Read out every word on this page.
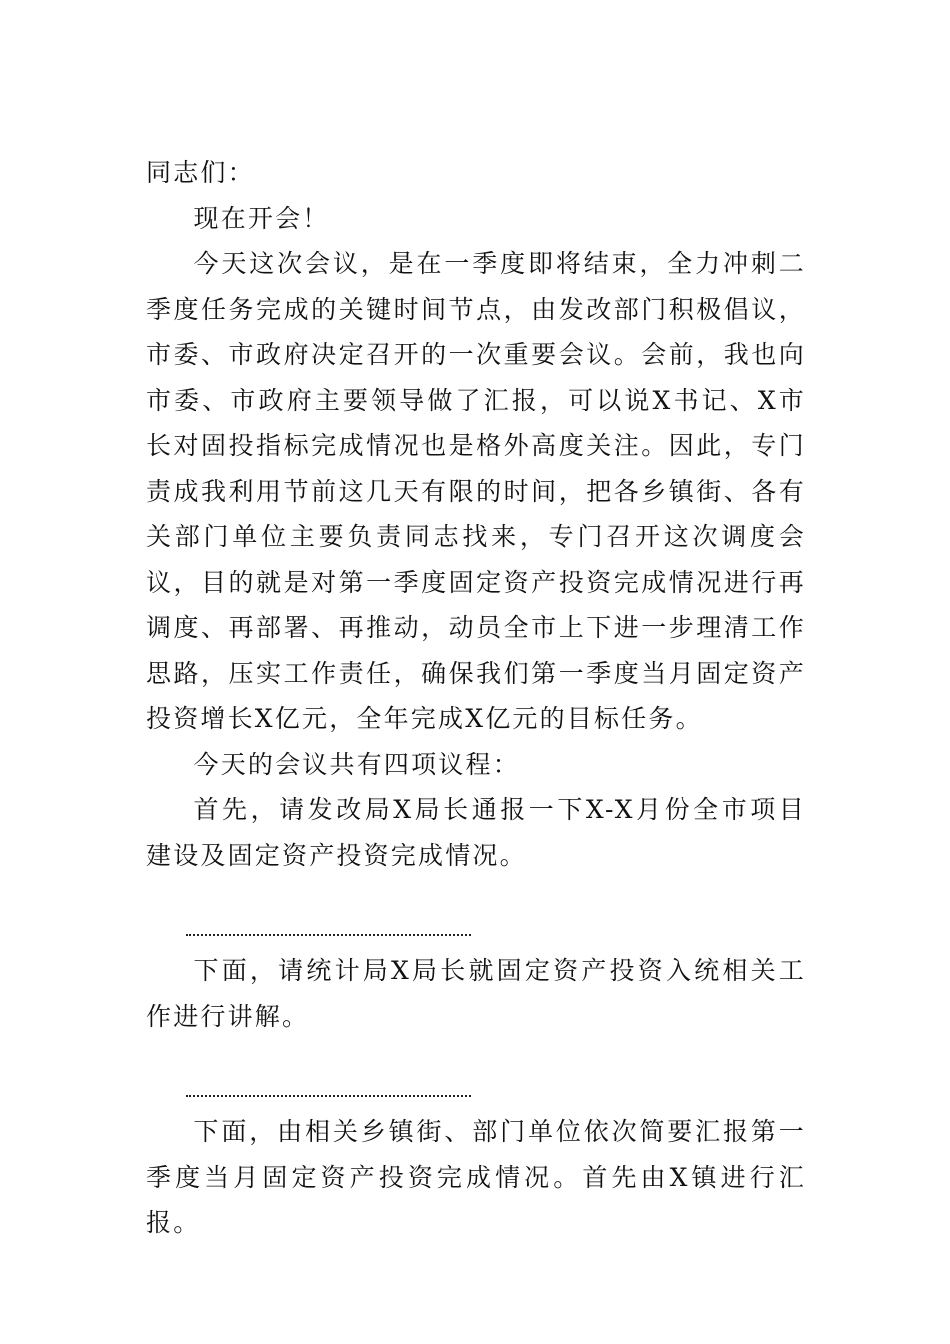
同志们：

现在开会！

今天这次会议，是在一季度即将结束，全力冲刺二季度任务完成的关键时间节点，由发改部门积极倡议，市委、市政府决定召开的一次重要会议。会前，我也向市委、市政府主要领导做了汇报，可以说X书记、X市长对固投指标完成情况也是格外高度关注。因此，专门责成我利用节前这几天有限的时间，把各乡镇街、各有关部门单位主要负责同志找来，专门召开这次调度会议，目的就是对第一季度固定资产投资完成情况进行再调度、再部署、再推动，动员全市上下进一步理清工作思路，压实工作责任，确保我们第一季度当月固定资产投资增长X亿元，全年完成X亿元的目标任务。

今天的会议共有四项议程：

首先，请发改局X局长通报一下X-X月份全市项目建设及固定资产投资完成情况。

下面，请统计局X局长就固定资产投资入统相关工作进行讲解。

下面，由相关乡镇街、部门单位依次简要汇报第一季度当月固定资产投资完成情况。首先由X镇进行汇报。
